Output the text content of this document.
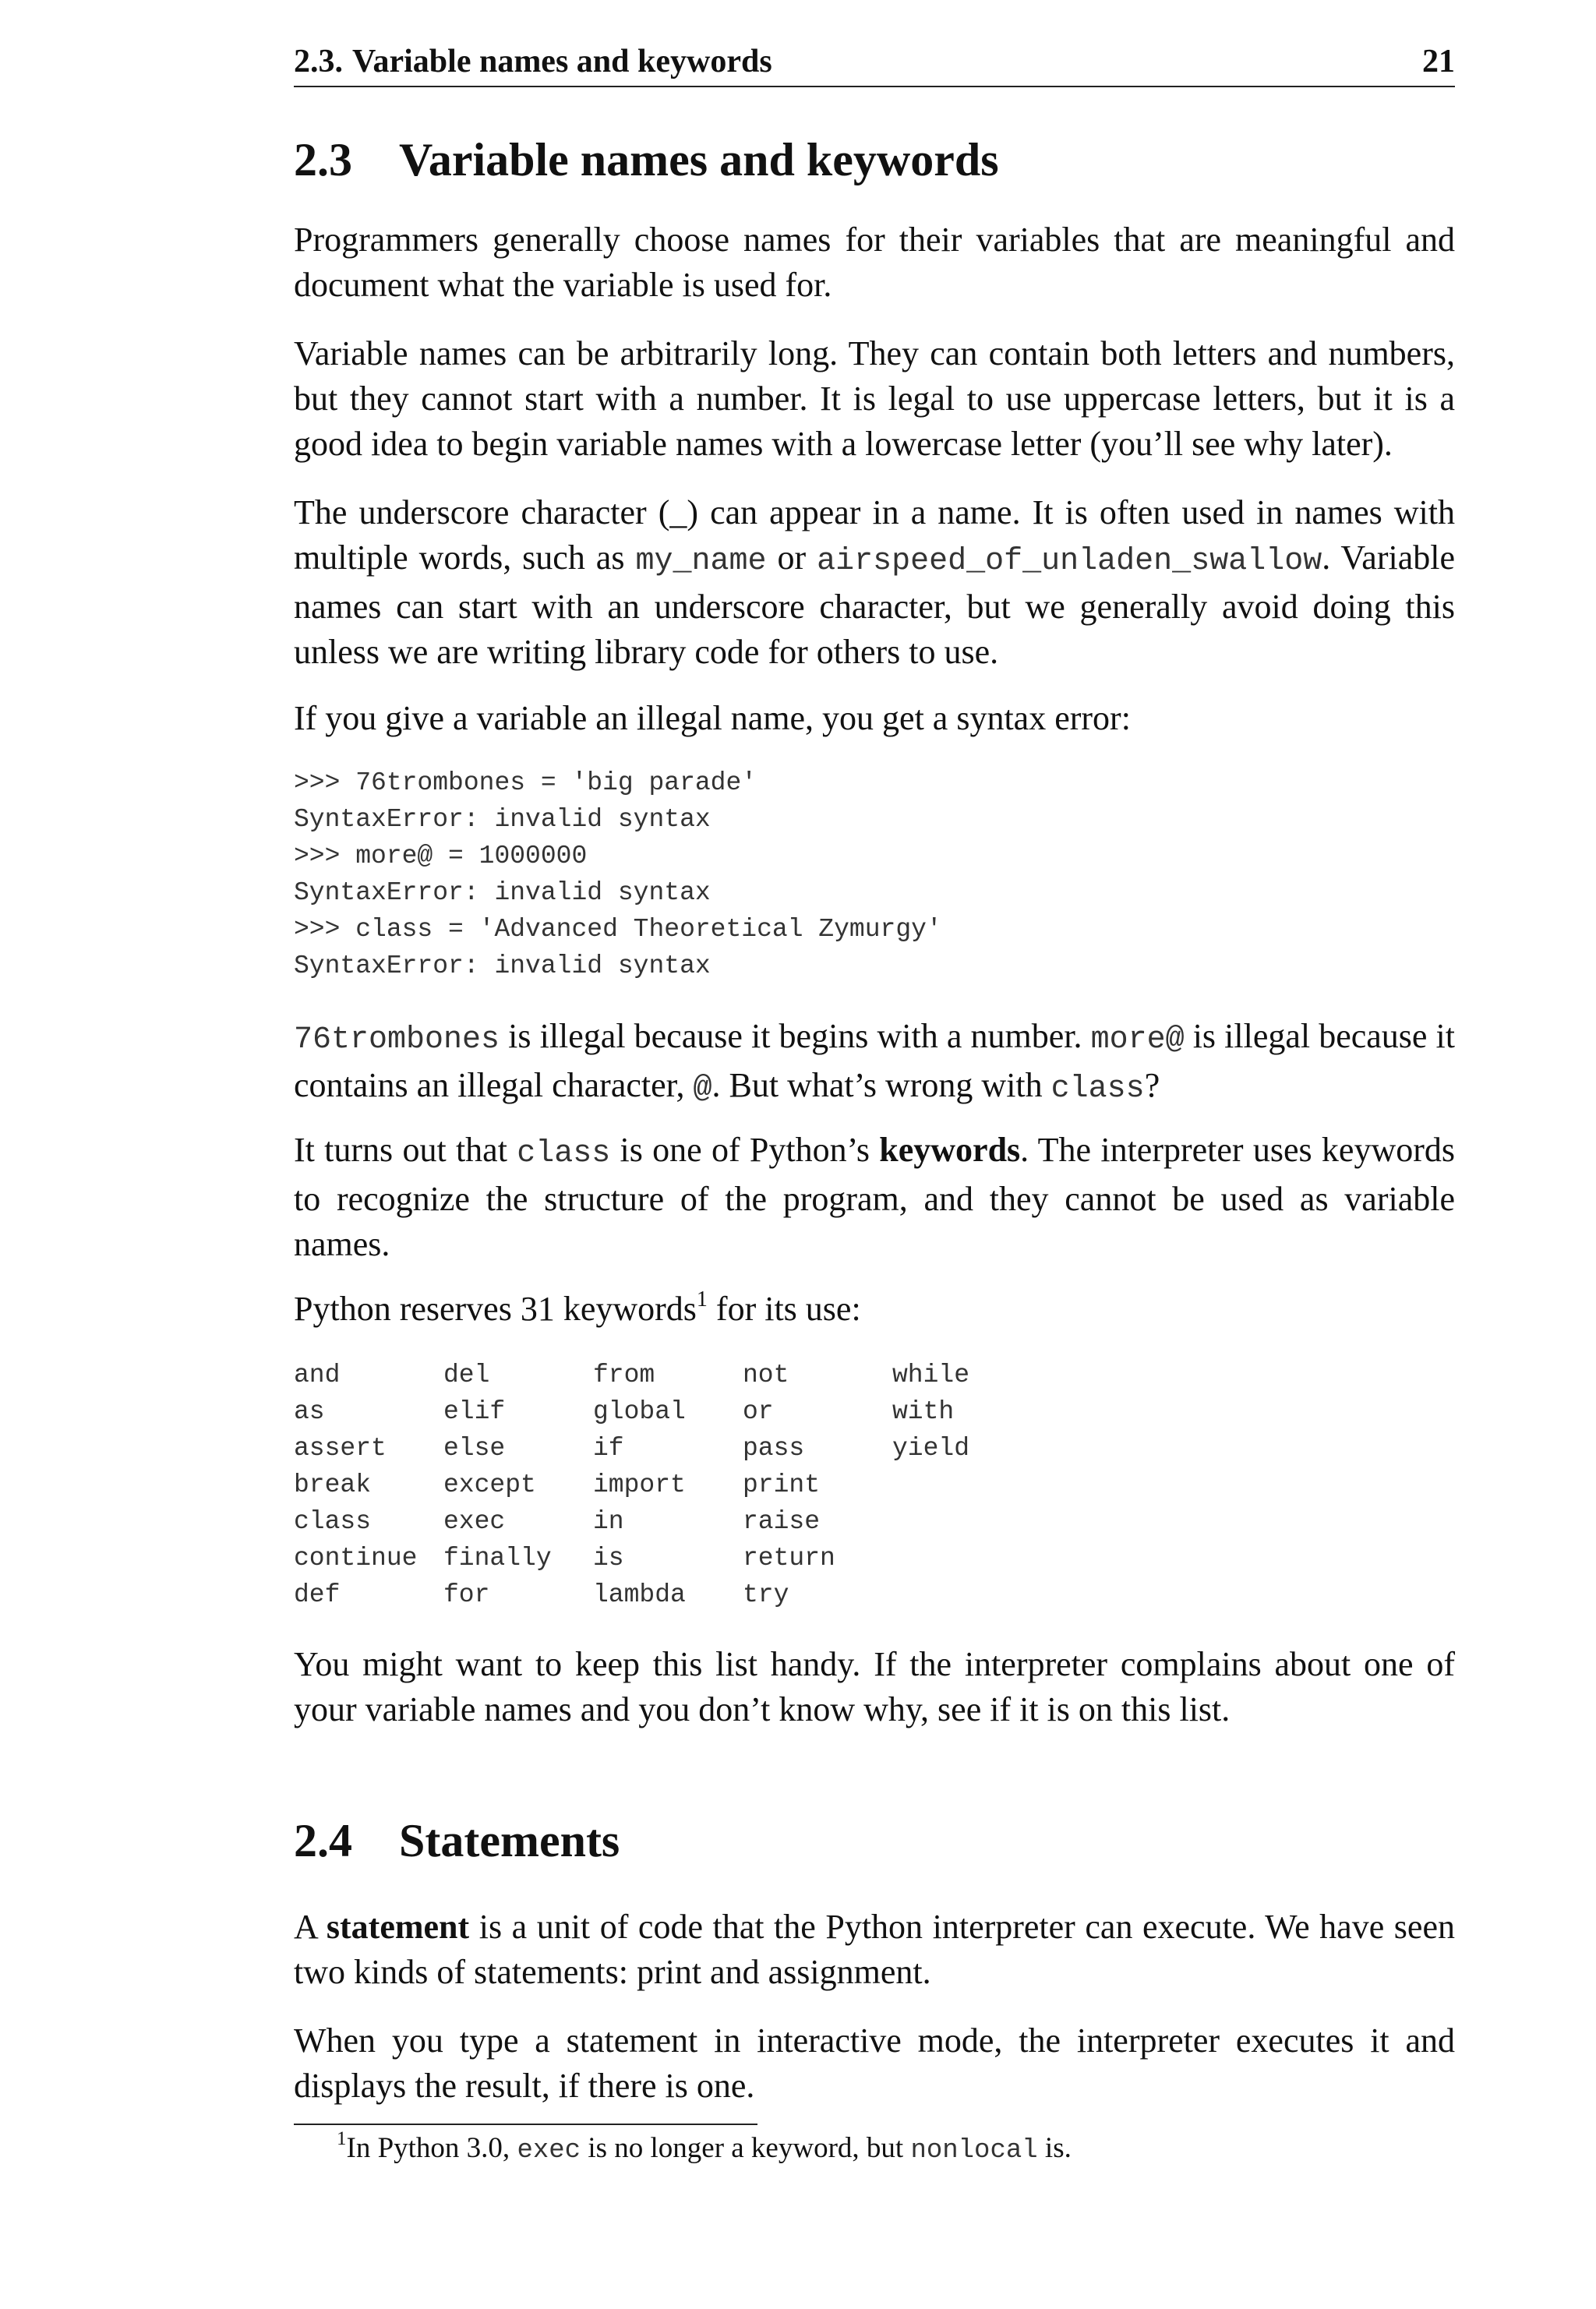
2.3. Variable names and keywords	21
2.3 Variable names and keywords

Programmers generally choose names for their variables that are meaningful and document what the variable is used for.

Variable names can be arbitrarily long. They can contain both letters and numbers, but they cannot start with a number. It is legal to use uppercase letters, but it is a good idea to begin variable names with a lowercase letter (you’ll see why later).

The underscore character (_) can appear in a name. It is often used in names with multiple words, such as my_name or airspeed_of_unladen_swallow. Variable names can start with an underscore character, but we generally avoid doing this unless we are writing library code for others to use.

If you give a variable an illegal name, you get a syntax error:

>>> 76trombones = 'big parade'
SyntaxError: invalid syntax
>>> more@ = 1000000
SyntaxError: invalid syntax
>>> class = 'Advanced Theoretical Zymurgy'
SyntaxError: invalid syntax

76trombones is illegal because it begins with a number. more@ is illegal because it contains an illegal character, @. But what’s wrong with class?

It turns out that class is one of Python’s keywords. The interpreter uses keywords to recognize the structure of the program, and they cannot be used as variable names.

Python reserves 31 keywords$^1$ for its use:

and	del	from	not	while
as	elif	global	or	with
assert	else	if	pass	yield
break	except	import	print	
class	exec	in	raise	
continue	finally	is	return	
def	for	lambda	try	

You might want to keep this list handy. If the interpreter complains about one of your variable names and you don’t know why, see if it is on this list.

2.4 Statements

A statement is a unit of code that the Python interpreter can execute. We have seen two kinds of statements: print and assignment.

When you type a statement in interactive mode, the interpreter executes it and displays the result, if there is one.

$^1$In Python 3.0, exec is no longer a keyword, but nonlocal is.
